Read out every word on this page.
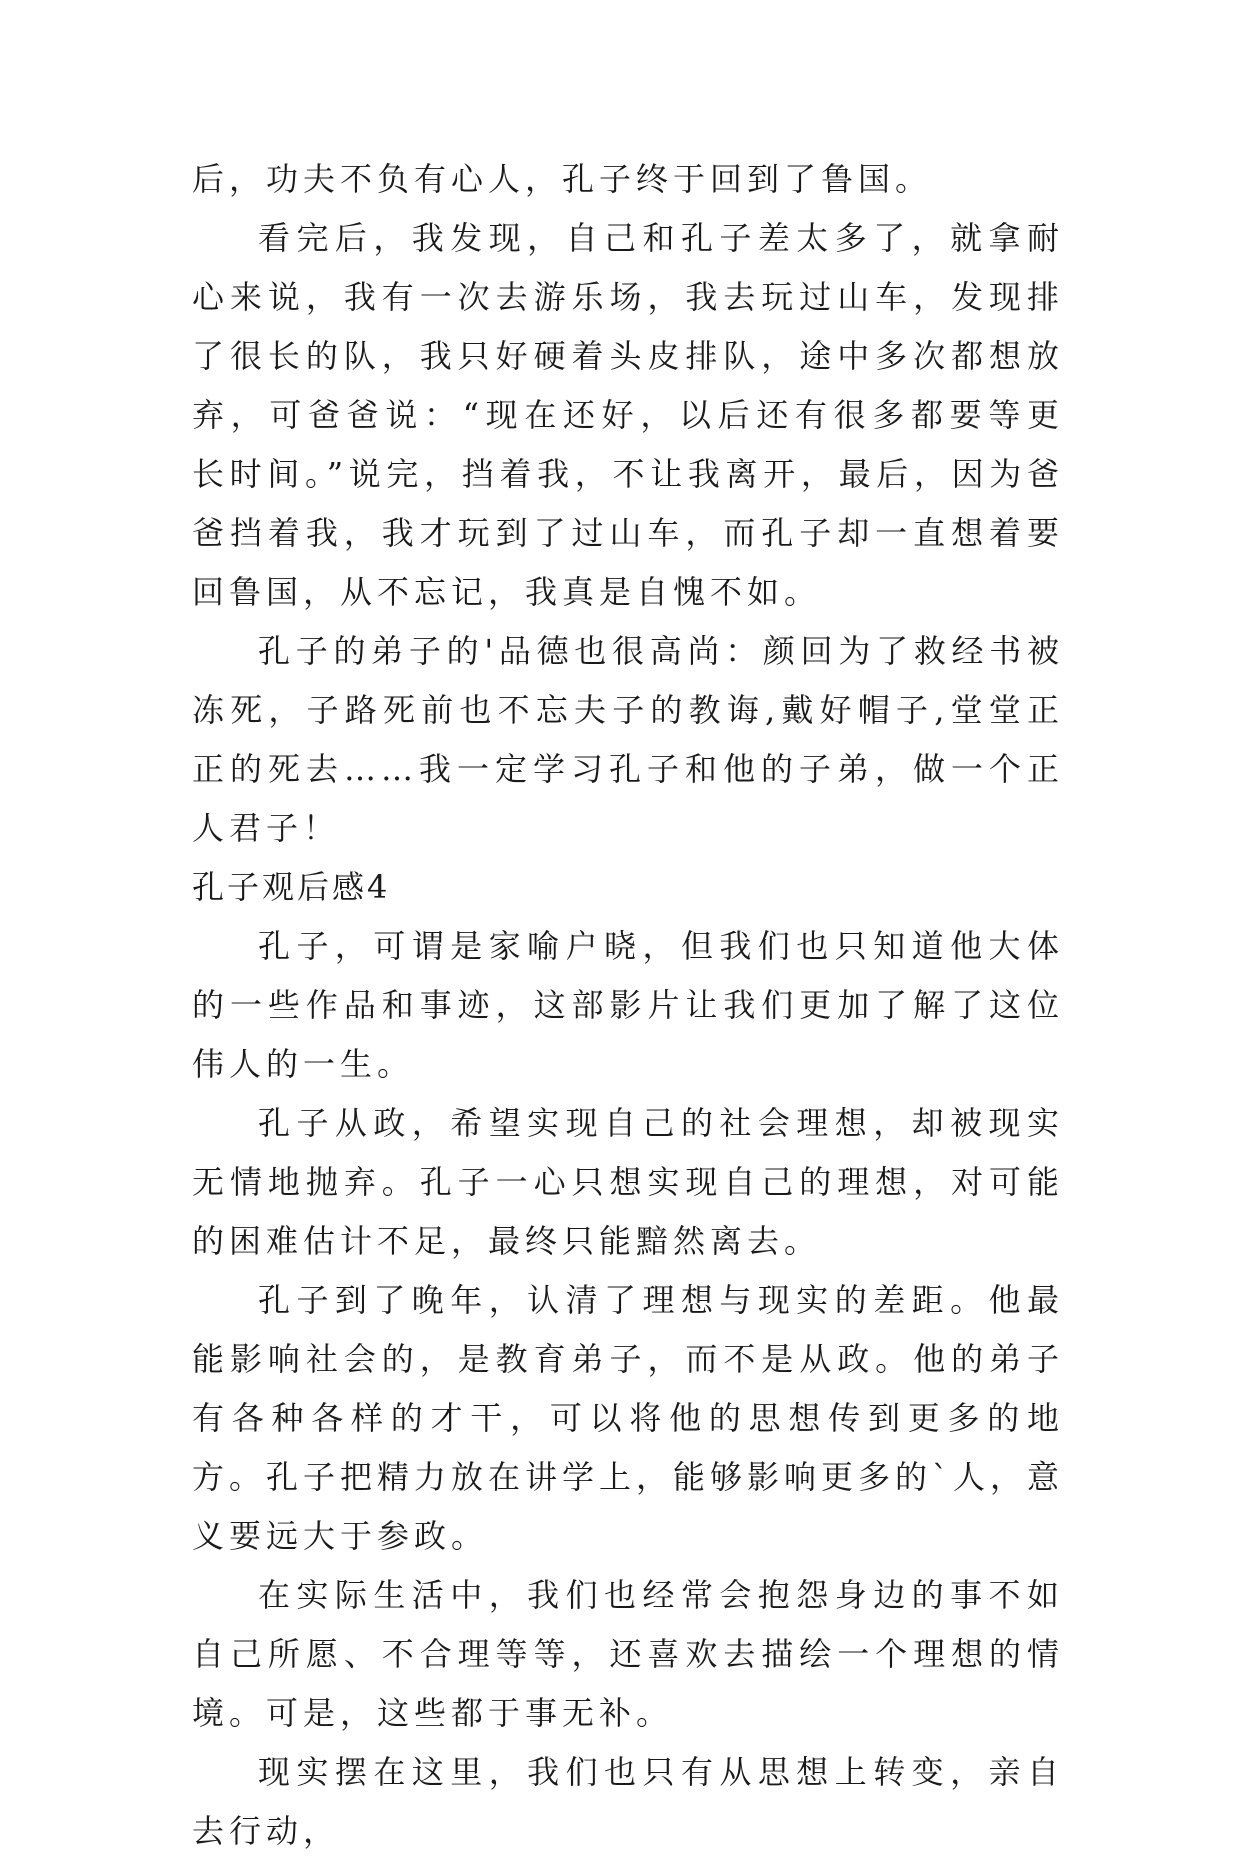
后，功夫不负有心人，孔子终于回到了鲁国。

看完后，我发现，自己和孔子差太多了，就拿耐心来说，我有一次去游乐场，我去玩过山车，发现排了很长的队，我只好硬着头皮排队，途中多次都想放弃，可爸爸说：“现在还好，以后还有很多都要等更长时间。”说完，挡着我，不让我离开，最后，因为爸爸挡着我，我才玩到了过山车，而孔子却一直想着要回鲁国，从不忘记，我真是自愧不如。

孔子的弟子的'品德也很高尚：颜回为了救经书被冻死，子路死前也不忘夫子的教诲,戴好帽子,堂堂正正的死去……我一定学习孔子和他的子弟，做一个正人君子！

孔子观后感4

孔子，可谓是家喻户晓，但我们也只知道他大体的一些作品和事迹，这部影片让我们更加了解了这位伟人的一生。

孔子从政，希望实现自己的社会理想，却被现实无情地抛弃。孔子一心只想实现自己的理想，对可能的困难估计不足，最终只能黯然离去。

孔子到了晚年，认清了理想与现实的差距。他最能影响社会的，是教育弟子，而不是从政。他的弟子有各种各样的才干，可以将他的思想传到更多的地方。孔子把精力放在讲学上，能够影响更多的`人，意义要远大于参政。

在实际生活中，我们也经常会抱怨身边的事不如自己所愿、不合理等等，还喜欢去描绘一个理想的情境。可是，这些都于事无补。

现实摆在这里，我们也只有从思想上转变，亲自去行动，
